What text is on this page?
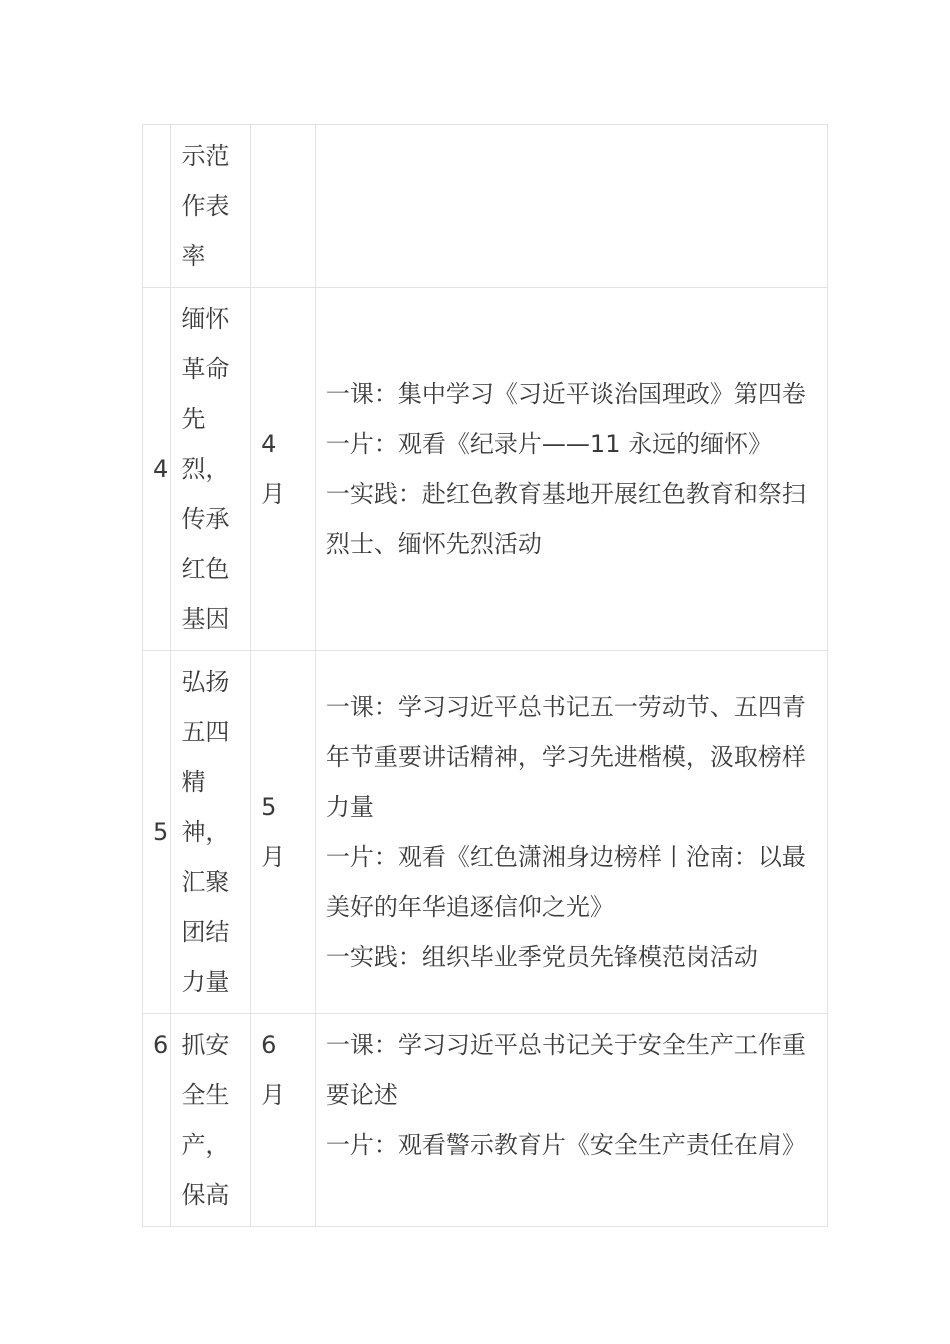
	示范作表率		
4	缅怀革命先烈，传承红色基因	4 月	一课：集中学习《习近平谈治国理政》第四卷
一片：观看《纪录片——11 永远的缅怀》
一实践：赴红色教育基地开展红色教育和祭扫烈士、缅怀先烈活动

5	弘扬五四精神，汇聚团结力量	5 月	一课：学习习近平总书记五一劳动节、五四青年节重要讲话精神，学习先进楷模，汲取榜样力量
一片：观看《红色潇湘身边榜样丨沧南：以最美好的年华追逐信仰之光》
一实践：组织毕业季党员先锋模范岗活动

6	抓安全生产，保高	6 月	一课：学习习近平总书记关于安全生产工作重要论述
一片：观看警示教育片《安全生产责任在肩》
